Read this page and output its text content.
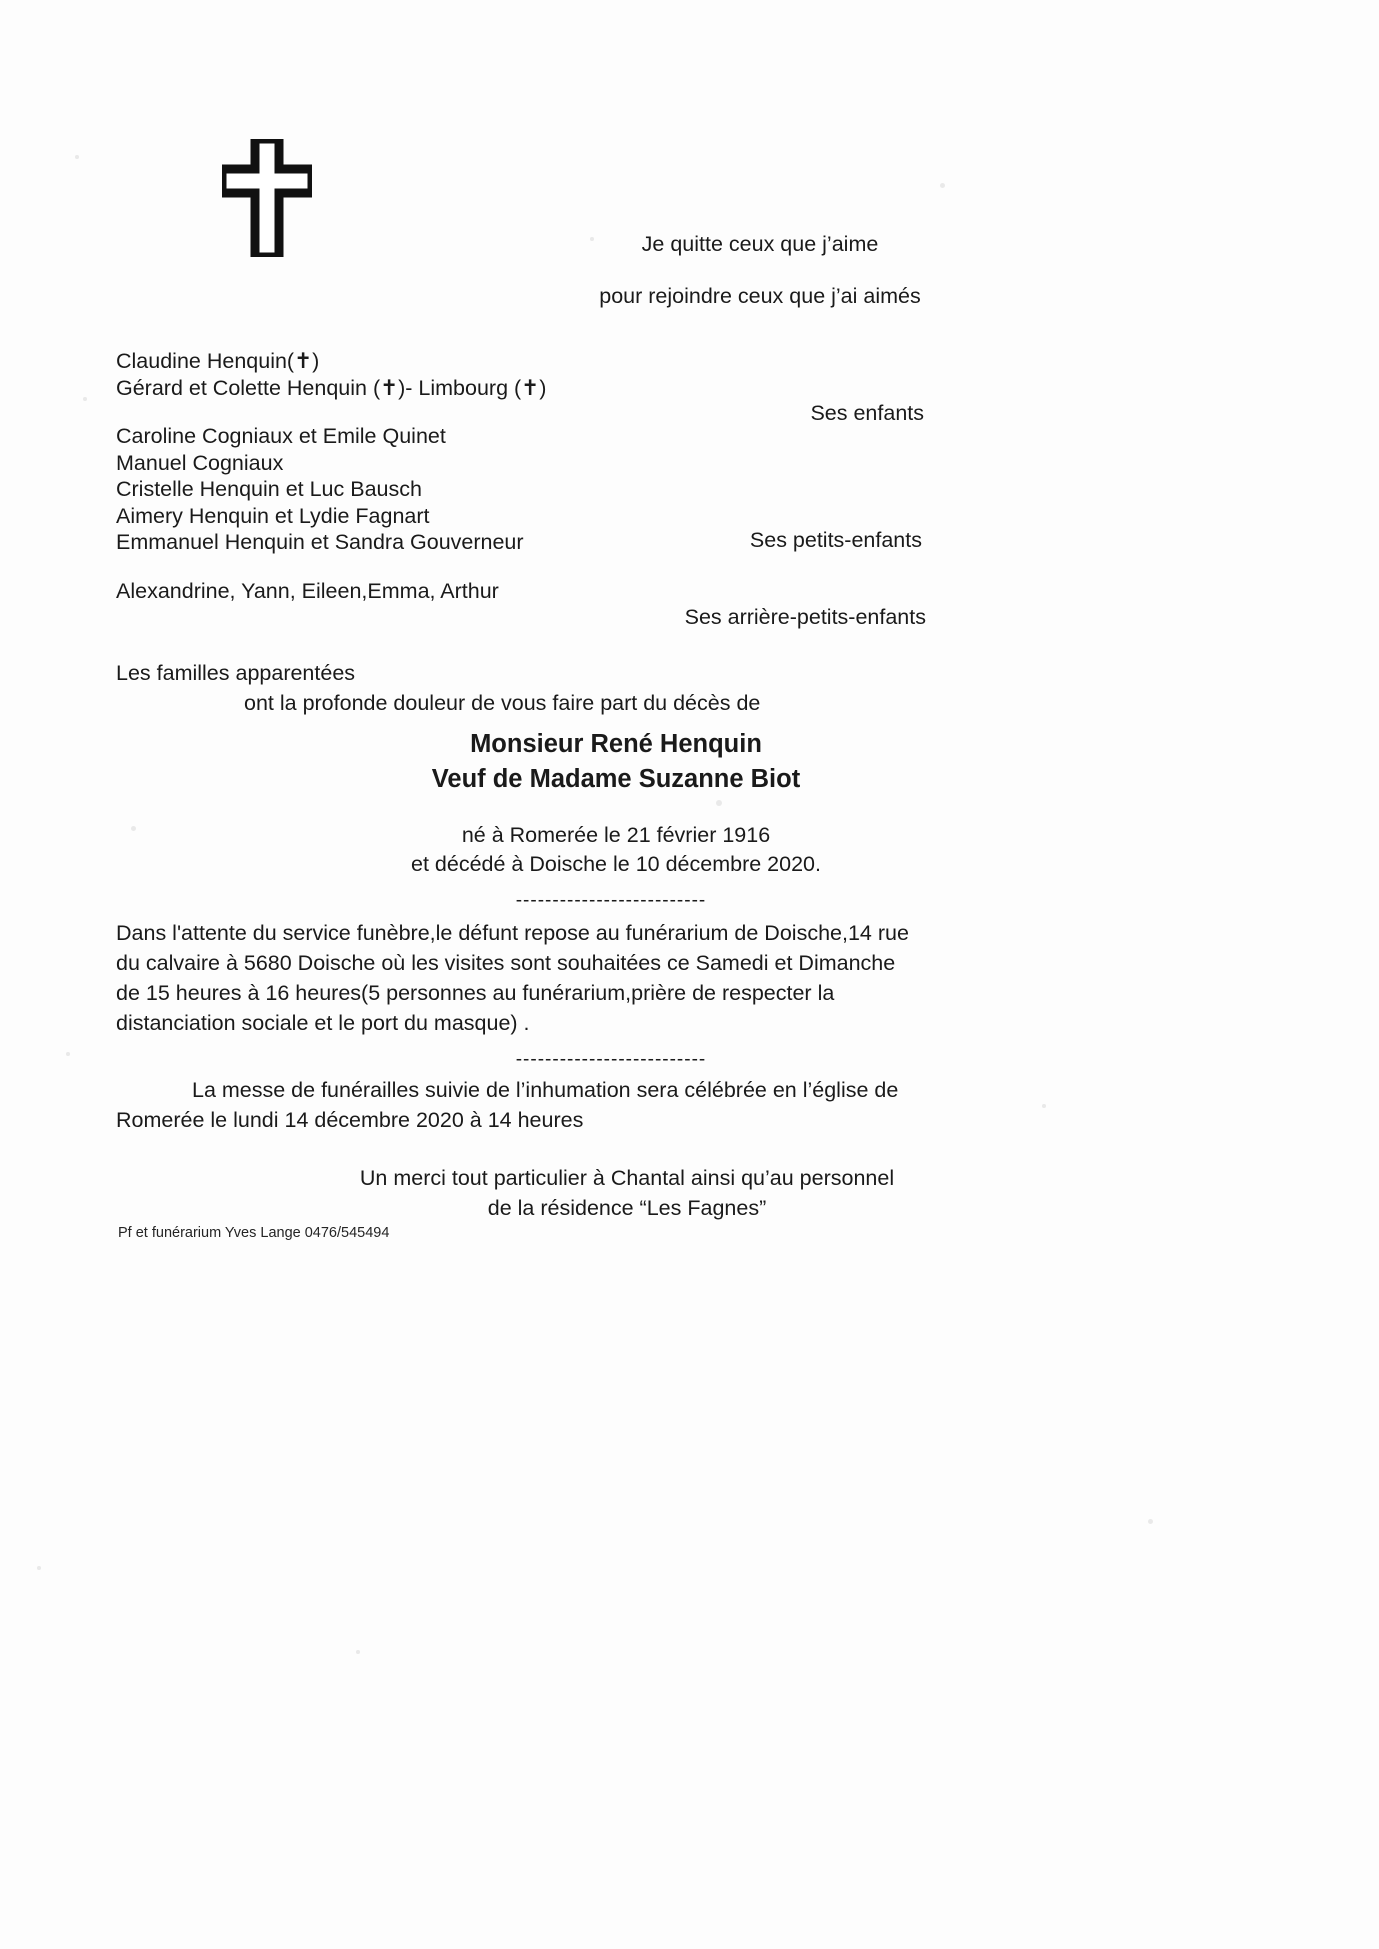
Je quitte ceux que j’aime
pour rejoindre ceux que j’ai aimés
Claudine Henquin(✝)
Gérard et Colette Henquin (✝)- Limbourg (✝)
Ses enfants
Caroline Cogniaux et Emile Quinet
Manuel Cogniaux
Cristelle Henquin et Luc Bausch
Aimery Henquin et Lydie Fagnart
Emmanuel Henquin et Sandra Gouverneur	Ses petits-enfants
Alexandrine, Yann, Eileen,Emma, Arthur
Ses arrière-petits-enfants
Les familles apparentées
ont la profonde douleur de vous faire part du décès de
Monsieur René Henquin
Veuf de Madame Suzanne Biot
né à Romerée le 21 février 1916
et décédé à Doische le 10 décembre 2020.
--------------------------
Dans l'attente du service funèbre,le défunt repose au funérarium de Doische,14 rue
du calvaire à 5680 Doische où les visites sont souhaitées ce Samedi et Dimanche
de 15 heures à 16 heures(5 personnes au funérarium,prière de respecter la
distanciation sociale et le port du masque) .
--------------------------
La messe de funérailles suivie de l’inhumation sera célébrée en l’église de
Romerée le lundi 14 décembre 2020 à 14 heures
Un merci tout particulier à Chantal ainsi qu’au personnel
de la résidence “Les Fagnes”
Pf et funérarium Yves Lange 0476/545494
